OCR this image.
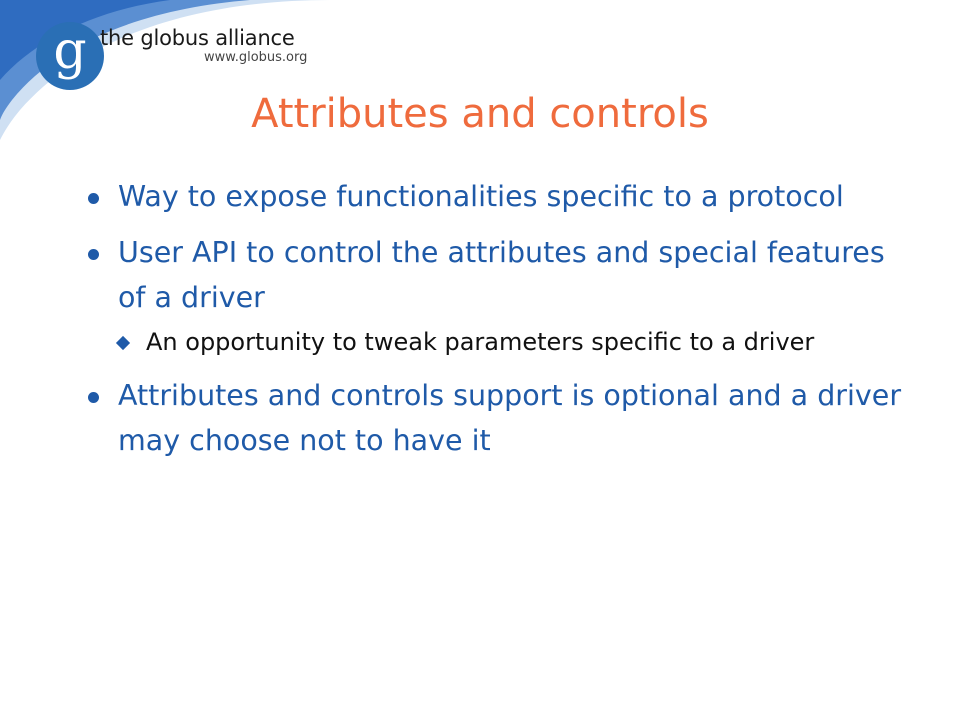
g the globus alliance
www.globus.org
Attributes and controls
Way to expose functionalities specific to a protocol
User API to control the attributes and special features of a driver
An opportunity to tweak parameters specific to a driver
Attributes and controls support is optional and a driver may choose not to have it
